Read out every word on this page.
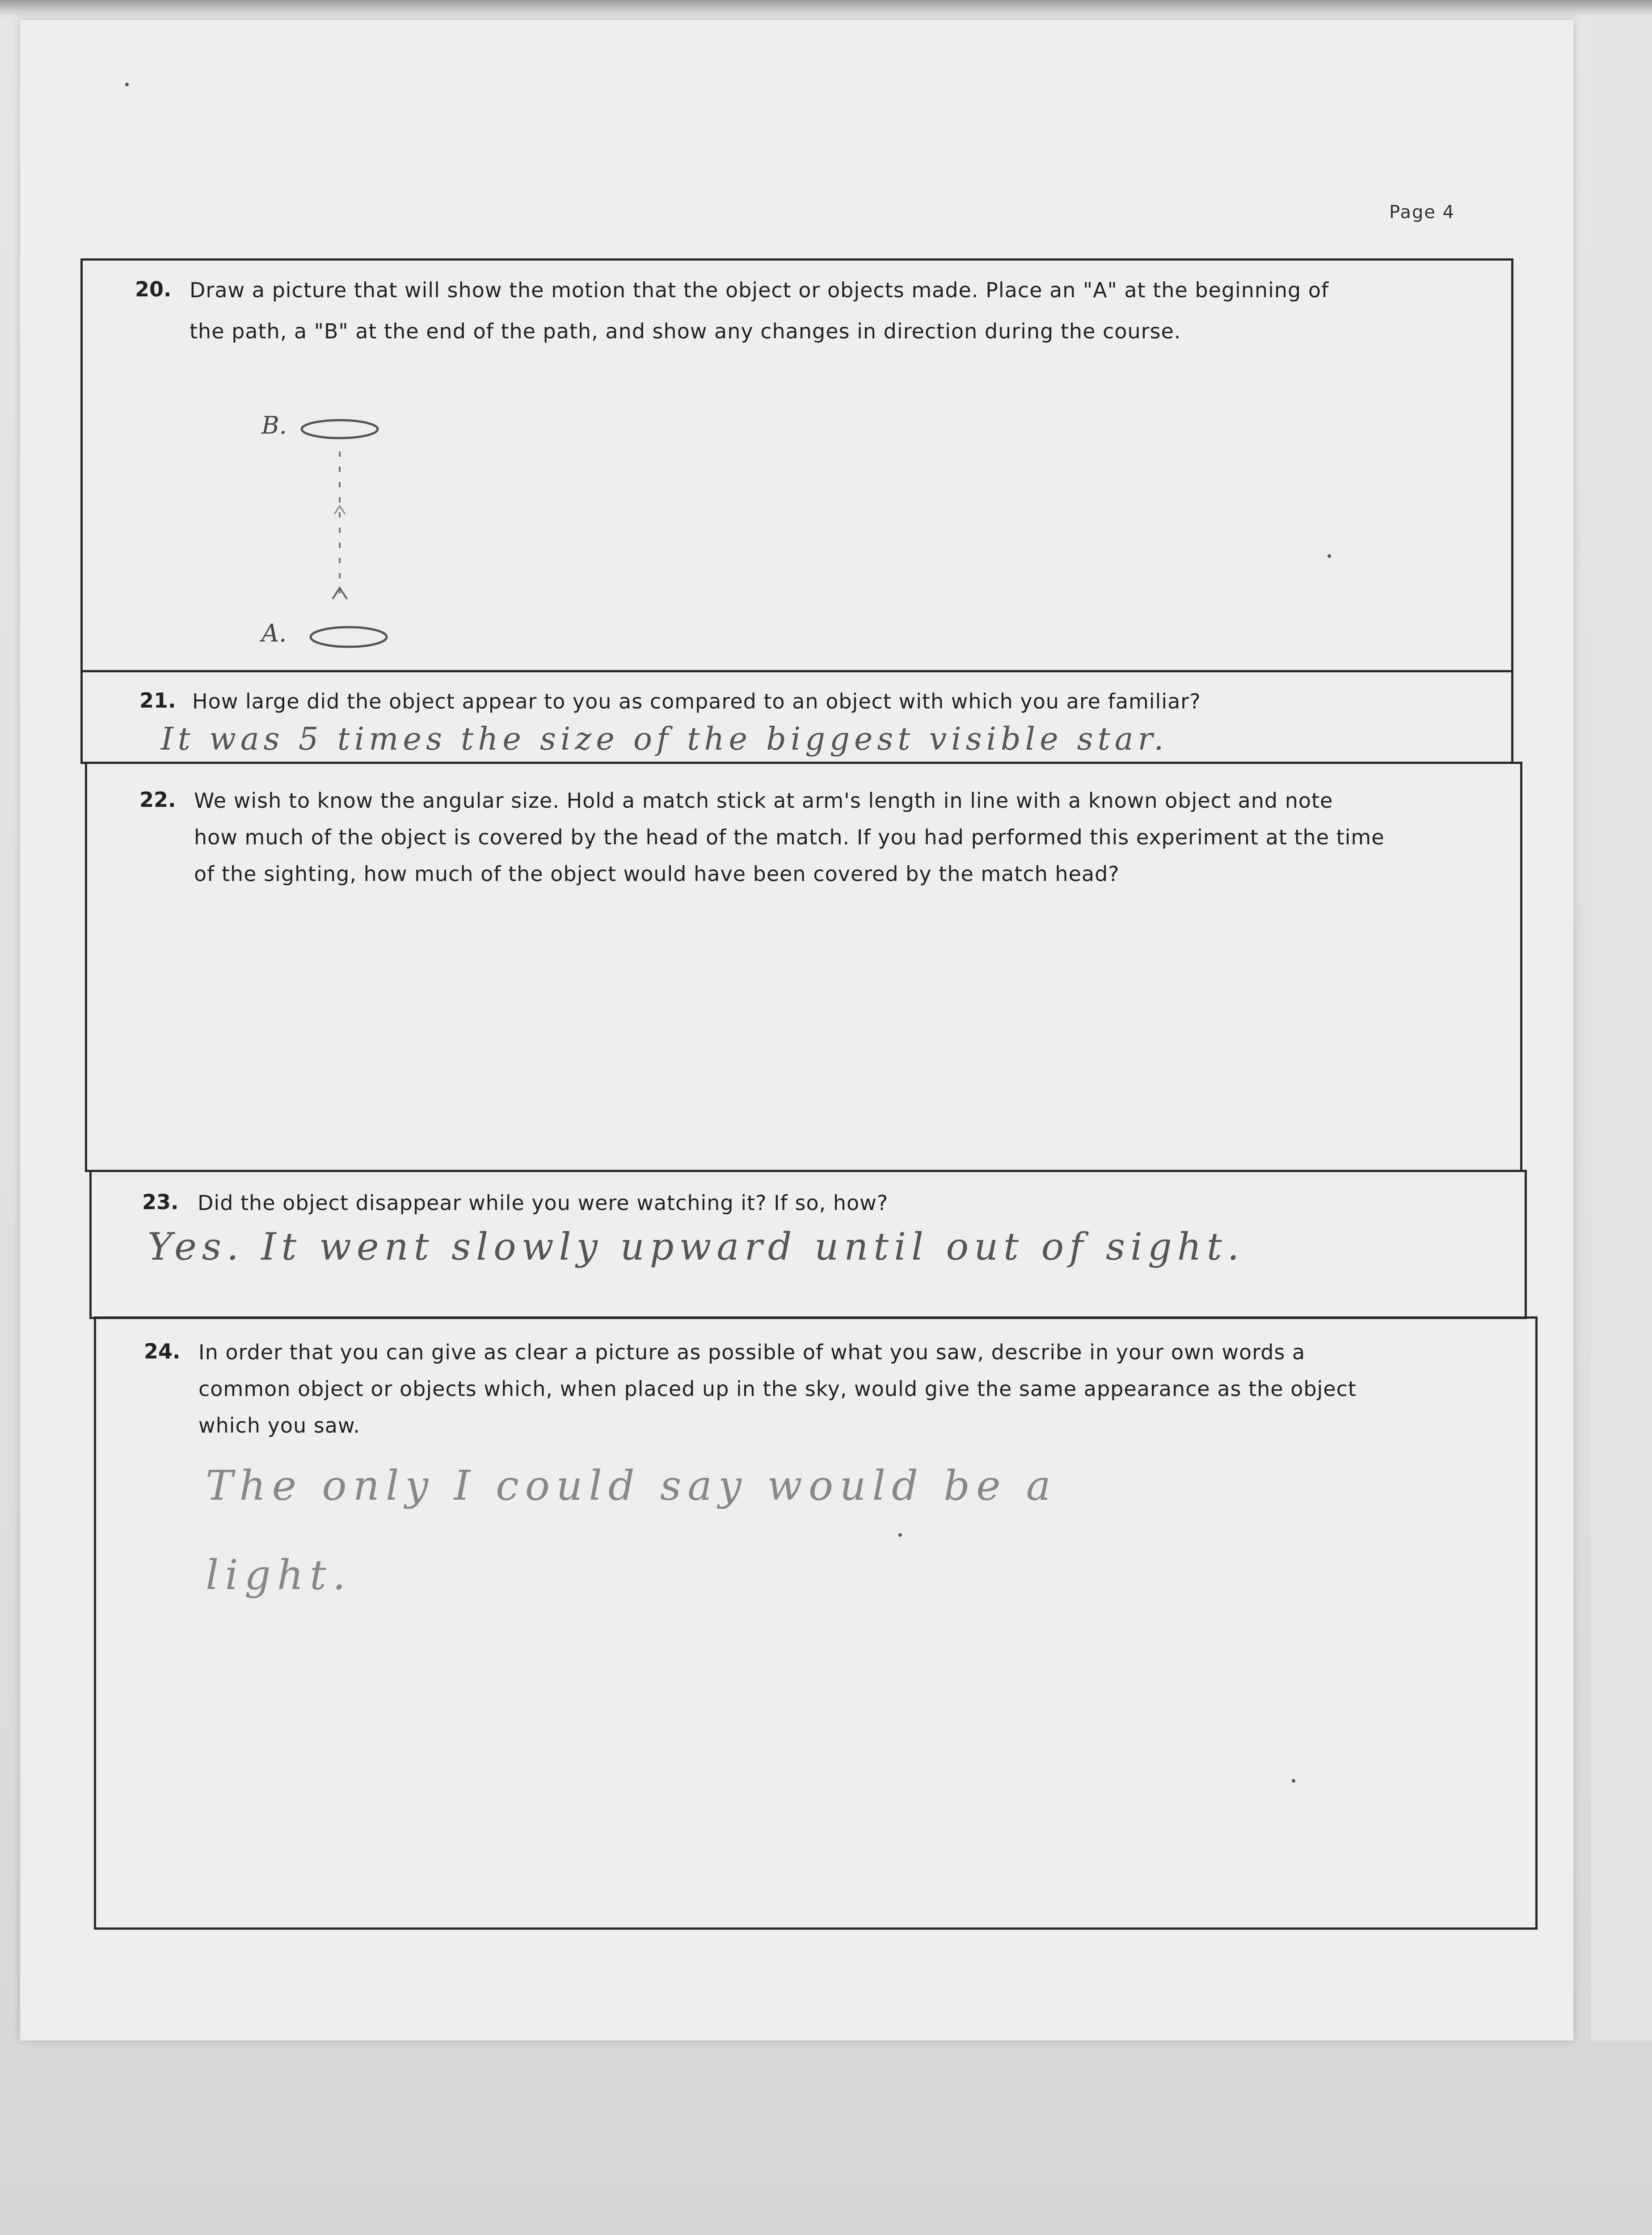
Page 4
20. Draw a picture that will show the motion that the object or objects made. Place an "A" at the beginning of
the path, a "B" at the end of the path, and show any changes in direction during the course.
B.
A.
21. How large did the object appear to you as compared to an object with which you are familiar?
It was 5 times the size of the biggest visible star.
22. We wish to know the angular size. Hold a match stick at arm's length in line with a known object and note
how much of the object is covered by the head of the match. If you had performed this experiment at the time
of the sighting, how much of the object would have been covered by the match head?
23. Did the object disappear while you were watching it? If so, how?
Yes. It went slowly upward until out of sight.
24. In order that you can give as clear a picture as possible of what you saw, describe in your own words a
common object or objects which, when placed up in the sky, would give the same appearance as the object
which you saw.
The only I could say would be a
light.
